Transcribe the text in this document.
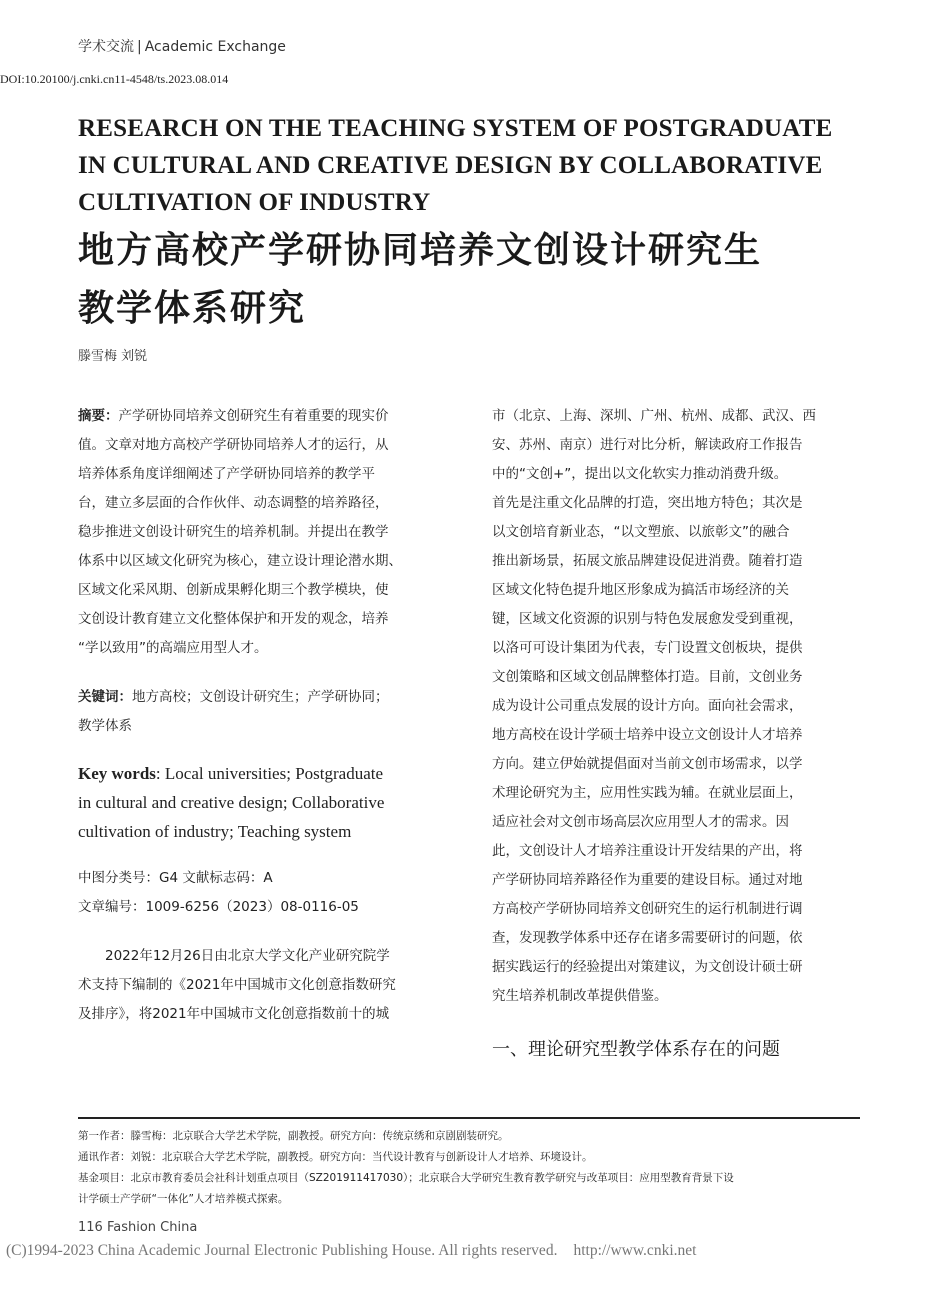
学术交流 | Academic Exchange
DOI:10.20100/j.cnki.cn11-4548/ts.2023.08.014
RESEARCH ON THE TEACHING SYSTEM OF POSTGRADUATE
IN CULTURAL AND CREATIVE DESIGN BY COLLABORATIVE
CULTIVATION OF INDUSTRY
地方高校产学研协同培养文创设计研究生
教学体系研究
滕雪梅 刘锐
摘要：产学研协同培养文创研究生有着重要的现实价
值。文章对地方高校产学研协同培养人才的运行，从
培养体系角度详细阐述了产学研协同培养的教学平
台，建立多层面的合作伙伴、动态调整的培养路径，
稳步推进文创设计研究生的培养机制。并提出在教学
体系中以区域文化研究为核心，建立设计理论潜水期、
区域文化采风期、创新成果孵化期三个教学模块，使
文创设计教育建立文化整体保护和开发的观念，培养
“学以致用”的高端应用型人才。
关键词：地方高校；文创设计研究生；产学研协同；
教学体系
Key words: Local universities; Postgraduate
in cultural and creative design; Collaborative
cultivation of industry; Teaching system
中图分类号：G4 文献标志码：A
文章编号：1009-6256（2023）08-0116-05
　　2022年12月26日由北京大学文化产业研究院学
术支持下编制的《2021年中国城市文化创意指数研究
及排序》，将2021年中国城市文化创意指数前十的城
市（北京、上海、深圳、广州、杭州、成都、武汉、西
安、苏州、南京）进行对比分析，解读政府工作报告
中的“文创+”，提出以文化软实力推动消费升级。
首先是注重文化品牌的打造，突出地方特色；其次是
以文创培育新业态，“以文塑旅、以旅彰文”的融合
推出新场景，拓展文旅品牌建设促进消费。随着打造
区域文化特色提升地区形象成为搞活市场经济的关
键，区域文化资源的识别与特色发展愈发受到重视，
以洛可可设计集团为代表，专门设置文创板块，提供
文创策略和区域文创品牌整体打造。目前，文创业务
成为设计公司重点发展的设计方向。面向社会需求，
地方高校在设计学硕士培养中设立文创设计人才培养
方向。建立伊始就提倡面对当前文创市场需求，以学
术理论研究为主，应用性实践为辅。在就业层面上，
适应社会对文创市场高层次应用型人才的需求。因
此，文创设计人才培养注重设计开发结果的产出，将
产学研协同培养路径作为重要的建设目标。通过对地
方高校产学研协同培养文创研究生的运行机制进行调
查，发现教学体系中还存在诸多需要研讨的问题，依
据实践运行的经验提出对策建议，为文创设计硕士研
究生培养机制改革提供借鉴。
一、理论研究型教学体系存在的问题
第一作者：滕雪梅：北京联合大学艺术学院，副教授。研究方向：传统京绣和京剧剧装研究。
通讯作者：刘锐：北京联合大学艺术学院，副教授。研究方向：当代设计教育与创新设计人才培养、环境设计。
基金项目：北京市教育委员会社科计划重点项目（SZ201911417030）；北京联合大学研究生教育教学研究与改革项目：应用型教育背景下设
计学硕士产学研“一体化”人才培养模式探索。
116 Fashion China
(C)1994-2023 China Academic Journal Electronic Publishing House. All rights reserved. http://www.cnki.net
